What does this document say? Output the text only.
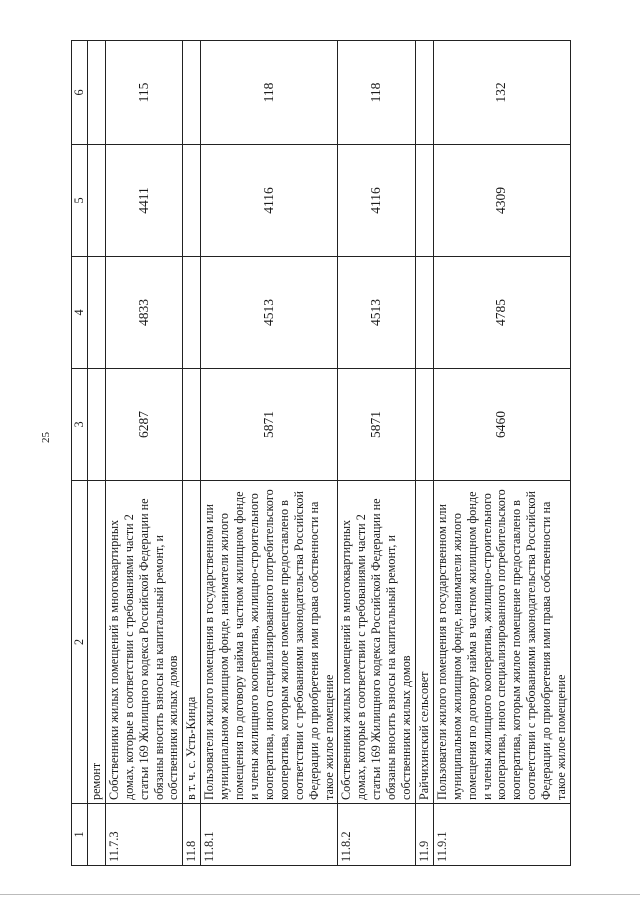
25
1	2	3	4	5	6
	ремонт				
11.7.3	Собственники жилых помещений в многоквартирных домах, которые в соответствии с требованиями части 2 статьи 169 Жилищного кодекса Российской Федерации не обязаны вносить взносы на капитальный ремонт, и собственники жилых домов	6287	4833	4411	115
11.8	в т. ч. с. Усть-Кинда				
11.8.1	Пользователи жилого помещения в государственном или муниципальном жилищном фонде, наниматели жилого помещения по договору найма в частном жилищном фонде и члены жилищного кооператива, жилищно-строительного кооператива, иного специализированного потребительского кооператива, которым жилое помещение предоставлено в соответствии с требованиями законодательства Российской Федерации до приобретения ими права собственности на такое жилое помещение	5871	4513	4116	118
11.8.2	Собственники жилых помещений в многоквартирных домах, которые в соответствии с требованиями части 2 статьи 169 Жилищного кодекса Российской Федерации не обязаны вносить взносы на капитальный ремонт, и собственники жилых домов	5871	4513	4116	118
11.9	Райчихинский сельсовет				
11.9.1	Пользователи жилого помещения в государственном или муниципальном жилищном фонде, наниматели жилого помещения по договору найма в частном жилищном фонде и члены жилищного кооператива, жилищно-строительного кооператива, иного специализированного потребительского кооператива, которым жилое помещение предоставлено в соответствии с требованиями законодательства Российской Федерации до приобретения ими права собственности на такое жилое помещение	6460	4785	4309	132
